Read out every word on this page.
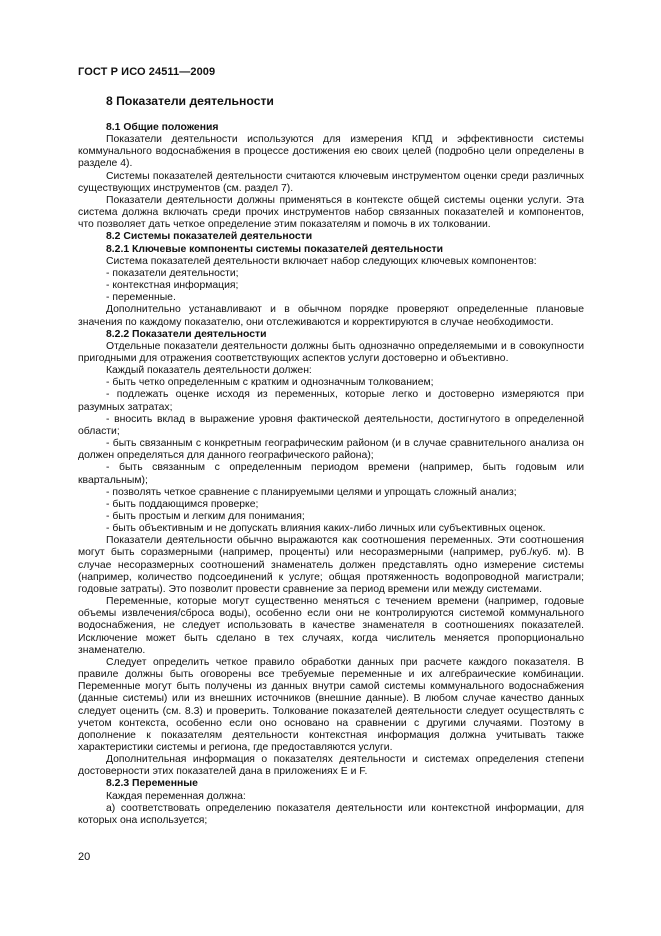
ГОСТ Р ИСО 24511—2009
8 Показатели деятельности
8.1 Общие положения

Показатели деятельности используются для измерения КПД и эффективности системы коммунального водоснабжения в процессе достижения ею своих целей (подробно цели определены в разделе 4).

Системы показателей деятельности считаются ключевым инструментом оценки среди различных существующих инструментов (см. раздел 7).

Показатели деятельности должны применяться в контексте общей системы оценки услуги. Эта система должна включать среди прочих инструментов набор связанных показателей и компонентов, что позволяет дать четкое определение этим показателям и помочь в их толковании.

8.2 Системы показателей деятельности
8.2.1 Ключевые компоненты системы показателей деятельности

Система показателей деятельности включает набор следующих ключевых компонентов:

- показатели деятельности;
- контекстная информация;
- переменные.

Дополнительно устанавливают и в обычном порядке проверяют определенные плановые значения по каждому показателю, они отслеживаются и корректируются в случае необходимости.

8.2.2 Показатели деятельности

Отдельные показатели деятельности должны быть однозначно определяемыми и в совокупности пригодными для отражения соответствующих аспектов услуги достоверно и объективно.

Каждый показатель деятельности должен:

- быть четко определенным с кратким и однозначным толкованием;
- подлежать оценке исходя из переменных, которые легко и достоверно измеряются при разумных затратах;
- вносить вклад в выражение уровня фактической деятельности, достигнутого в определенной области;
- быть связанным с конкретным географическим районом (и в случае сравнительного анализа он должен определяться для данного географического района);
- быть связанным с определенным периодом времени (например, быть годовым или квартальным);
- позволять четкое сравнение с планируемыми целями и упрощать сложный анализ;
- быть поддающимся проверке;
- быть простым и легким для понимания;
- быть объективным и не допускать влияния каких-либо личных или субъективных оценок.

Показатели деятельности обычно выражаются как соотношения переменных. Эти соотношения могут быть соразмерными (например, проценты) или несоразмерными (например, руб./куб. м). В случае несоразмерных соотношений знаменатель должен представлять одно измерение системы (например, количество подсоединений к услуге; общая протяженность водопроводной магистрали; годовые затраты). Это позволит провести сравнение за период времени или между системами.

Переменные, которые могут существенно меняться с течением времени (например, годовые объемы извлечения/сброса воды), особенно если они не контролируются системой коммунального водоснабжения, не следует использовать в качестве знаменателя в соотношениях показателей. Исключение может быть сделано в тех случаях, когда числитель меняется пропорционально знаменателю.

Следует определить четкое правило обработки данных при расчете каждого показателя. В правиле должны быть оговорены все требуемые переменные и их алгебраические комбинации. Переменные могут быть получены из данных внутри самой системы коммунального водоснабжения (данные системы) или из внешних источников (внешние данные). В любом случае качество данных следует оценить (см. 8.3) и проверить. Толкование показателей деятельности следует осуществлять с учетом контекста, особенно если оно основано на сравнении с другими случаями. Поэтому в дополнение к показателям деятельности контекстная информация должна учитывать также характеристики системы и региона, где предоставляются услуги.

Дополнительная информация о показателях деятельности и системах определения степени достоверности этих показателей дана в приложениях E и F.

8.2.3 Переменные

Каждая переменная должна:

а) соответствовать определению показателя деятельности или контекстной информации, для которых она используется;

20
